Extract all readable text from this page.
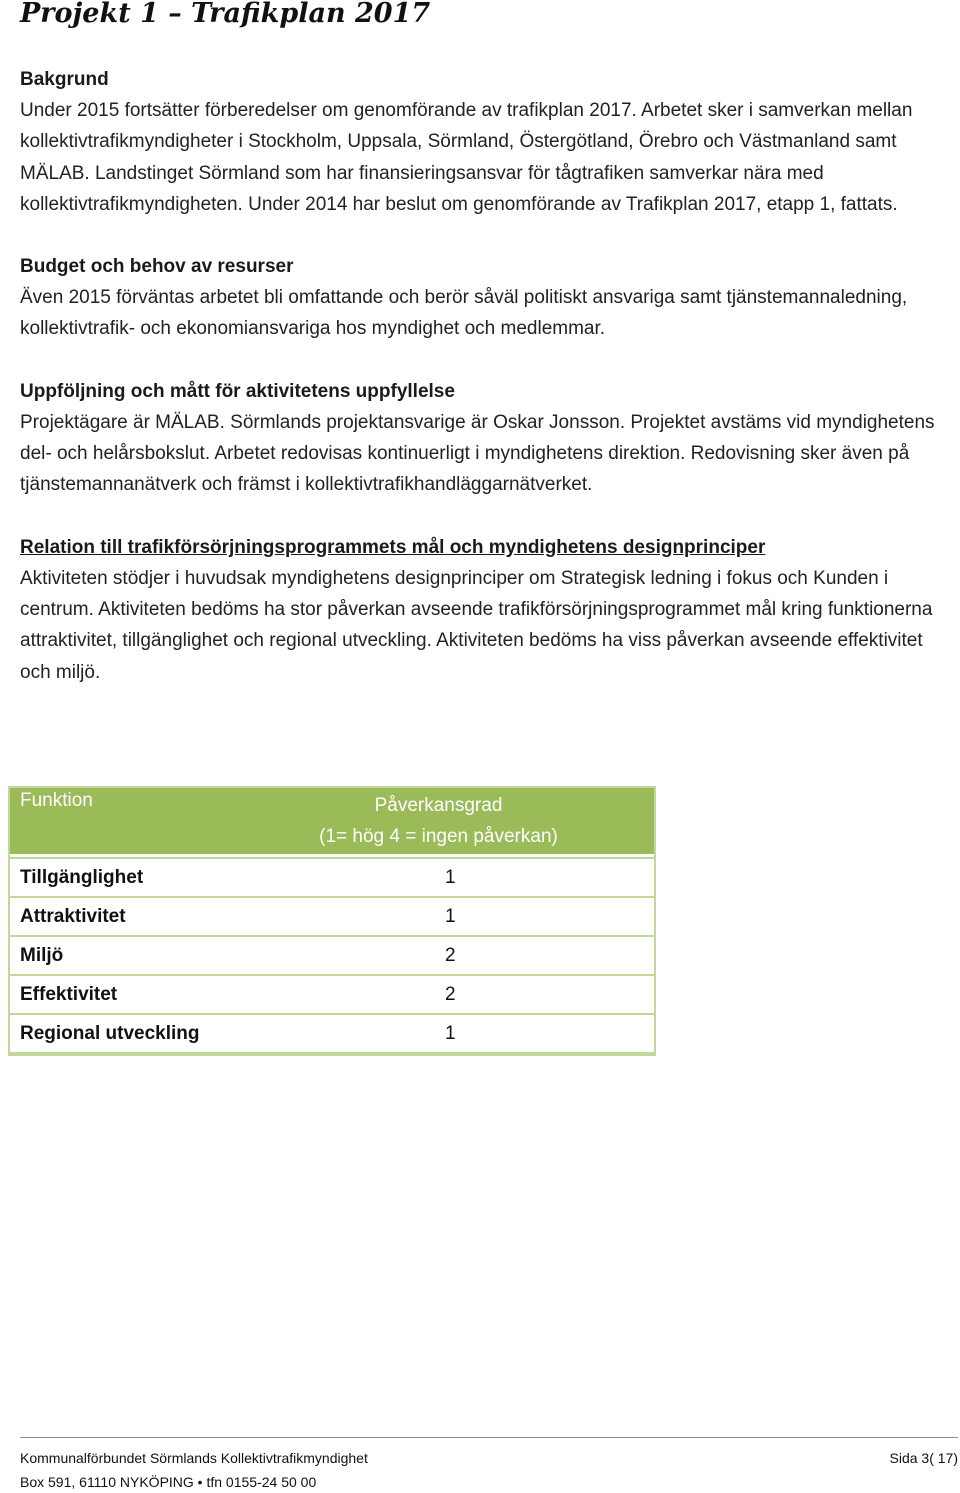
Projekt 1 – Trafikplan 2017
Bakgrund

Under 2015 fortsätter förberedelser om genomförande av trafikplan 2017. Arbetet sker i samverkan mellan kollektivtrafikmyndigheter i Stockholm, Uppsala, Sörmland, Östergötland, Örebro och Västmanland samt MÄLAB. Landstinget Sörmland som har finansieringsansvar för tågtrafiken samverkar nära med kollektivtrafikmyndigheten. Under 2014 har beslut om genomförande av Trafikplan 2017, etapp 1, fattats.

Budget och behov av resurser

Även 2015 förväntas arbetet bli omfattande och berör såväl politiskt ansvariga samt tjänstemannaledning, kollektivtrafik- och ekonomiansvariga hos myndighet och medlemmar.

Uppföljning och mått för aktivitetens uppfyllelse

Projektägare är MÄLAB. Sörmlands projektansvarige är Oskar Jonsson. Projektet avstäms vid myndighetens del- och helårsbokslut. Arbetet redovisas kontinuerligt i myndighetens direktion. Redovisning sker även på tjänstemannanätverk och främst i kollektivtrafikhandläggarnätverket.

Relation till trafikförsörjningsprogrammets mål och myndighetens designprinciper

Aktiviteten stödjer i huvudsak myndighetens designprinciper om Strategisk ledning i fokus och Kunden i centrum. Aktiviteten bedöms ha stor påverkan avseende trafikförsörjningsprogrammet mål kring funktionerna attraktivitet, tillgänglighet och regional utveckling. Aktiviteten bedöms ha viss påverkan avseende effektivitet och miljö.

Funktion	Påverkansgrad
(1= hög 4 = ingen påverkan)

Tillgänglighet	1
Attraktivitet	1
Miljö	2
Effektivitet	2
Regional utveckling	1
Kommunalförbundet Sörmlands Kollektivtrafikmyndighet	Sida 3( 17)
Box 591, 61110 NYKÖPING • tfn 0155-24 50 00
